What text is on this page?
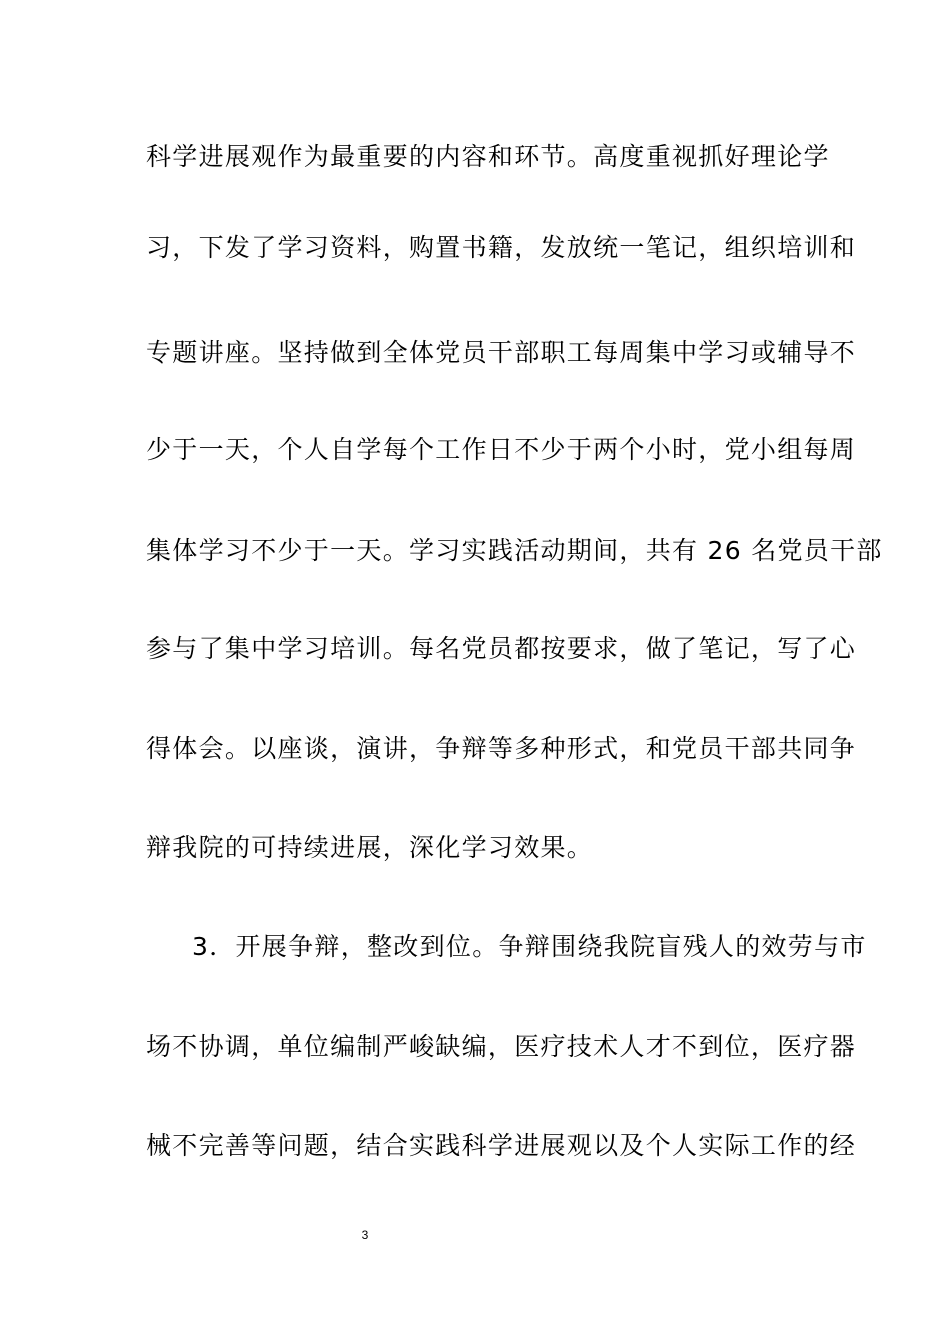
科学进展观作为最重要的内容和环节。高度重视抓好理论学
习，下发了学习资料，购置书籍，发放统一笔记，组织培训和
专题讲座。坚持做到全体党员干部职工每周集中学习或辅导不
少于一天，个人自学每个工作日不少于两个小时，党小组每周
集体学习不少于一天。学习实践活动期间，共有 26 名党员干部
参与了集中学习培训。每名党员都按要求，做了笔记，写了心
得体会。以座谈，演讲，争辩等多种形式，和党员干部共同争
辩我院的可持续进展，深化学习效果。
3．开展争辩，整改到位。争辩围绕我院盲残人的效劳与市
场不协调，单位编制严峻缺编，医疗技术人才不到位，医疗器
械不完善等问题，结合实践科学进展观以及个人实际工作的经
3
